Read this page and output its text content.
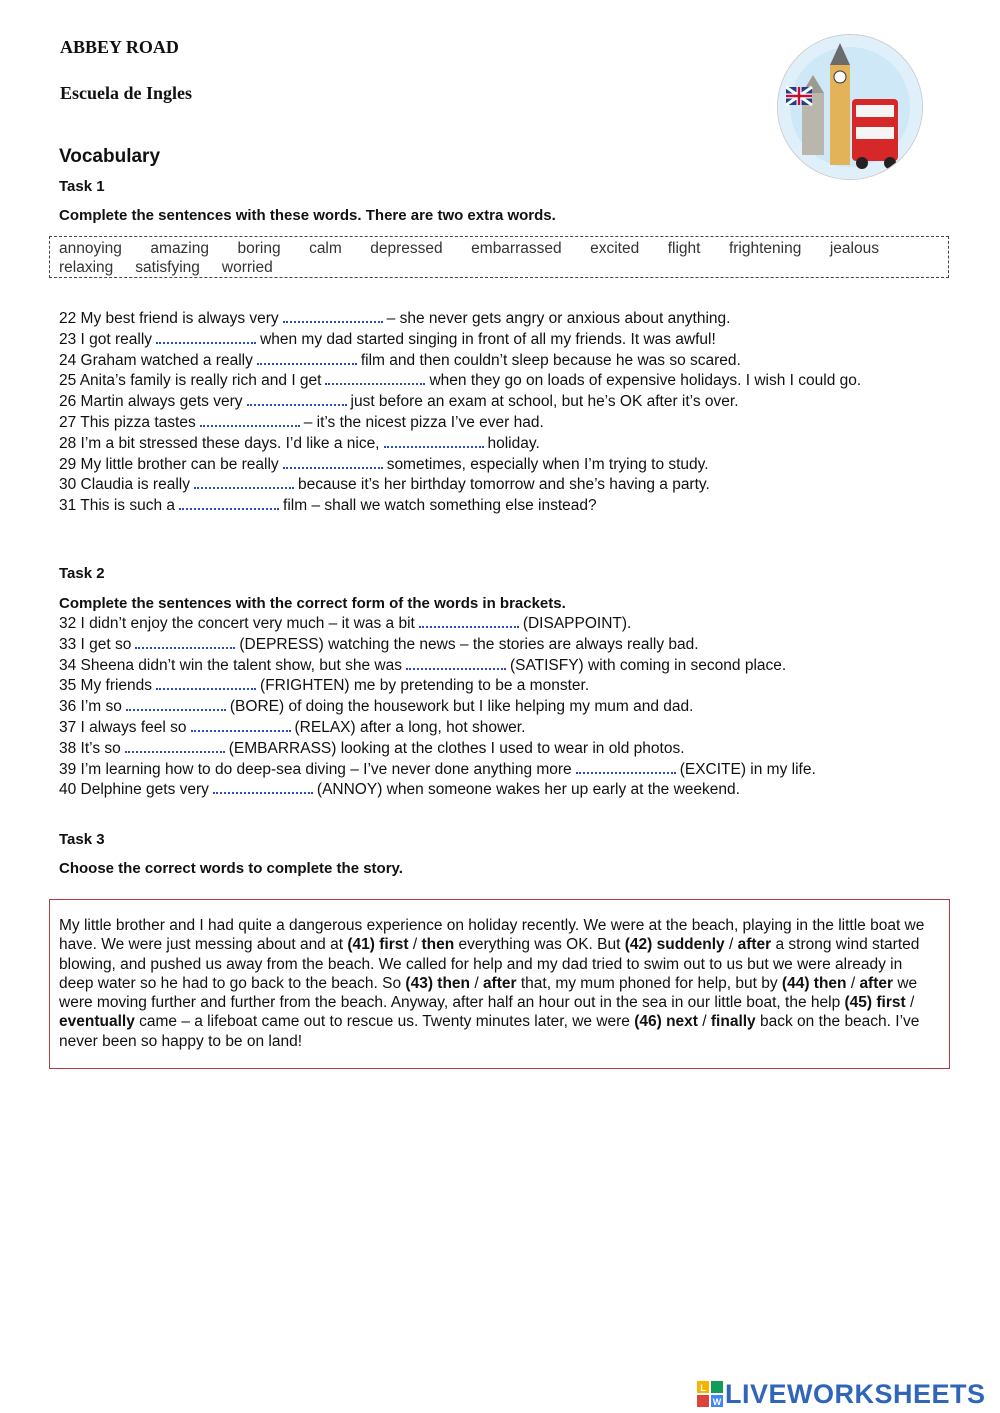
ABBEY ROAD
Escuela de Ingles
Vocabulary
Task 1
Complete the sentences with these words. There are two extra words.
annoying amazing boring calm depressed embarrassed excited flight frightening jealous
relaxing satisfying worried
22 My best friend is always very	– she never gets angry or anxious about anything.
23 I got really	when my dad started singing in front of all my friends. It was awful!
24 Graham watched a really	film and then couldn’t sleep because he was so scared.
25 Anita’s family is really rich and I get	when they go on loads of expensive holidays. I wish I could go.
26 Martin always gets very	just before an exam at school, but he’s OK after it’s over.
27 This pizza tastes	– it’s the nicest pizza I’ve ever had.
28 I’m a bit stressed these days. I’d like a nice,	holiday.
29 My little brother can be really	sometimes, especially when I’m trying to study.
30 Claudia is really	because it’s her birthday tomorrow and she’s having a party.
31 This is such a	film – shall we watch something else instead?
Task 2
Complete the sentences with the correct form of the words in brackets.
32 I didn’t enjoy the concert very much – it was a bit	(DISAPPOINT).
33 I get so	(DEPRESS) watching the news – the stories are always really bad.
34 Sheena didn’t win the talent show, but she was	(SATISFY) with coming in second place.
35 My friends	(FRIGHTEN) me by pretending to be a monster.
36 I’m so	(BORE) of doing the housework but I like helping my mum and dad.
37 I always feel so	(RELAX) after a long, hot shower.
38 It’s so	(EMBARRASS) looking at the clothes I used to wear in old photos.
39 I’m learning how to do deep-sea diving – I’ve never done anything more	(EXCITE) in my life.
40 Delphine gets very	(ANNOY) when someone wakes her up early at the weekend.
Task 3
Choose the correct words to complete the story.
My little brother and I had quite a dangerous experience on holiday recently. We were at the beach, playing in the little boat we have. We were just messing about and at (41) first / then everything was OK. But (42) suddenly / after a strong wind started blowing, and pushed us away from the beach. We called for help and my dad tried to swim out to us but we were already in deep water so he had to go back to the beach. So (43) then / after that, my mum phoned for help, but by (44) then / after we were moving further and further from the beach. Anyway, after half an hour out in the sea in our little boat, the help (45) first / eventually came – a lifeboat came out to rescue us. Twenty minutes later, we were (46) next / finally back on the beach. I’ve never been so happy to be on land!
L
W LIVEWORKSHEETS
